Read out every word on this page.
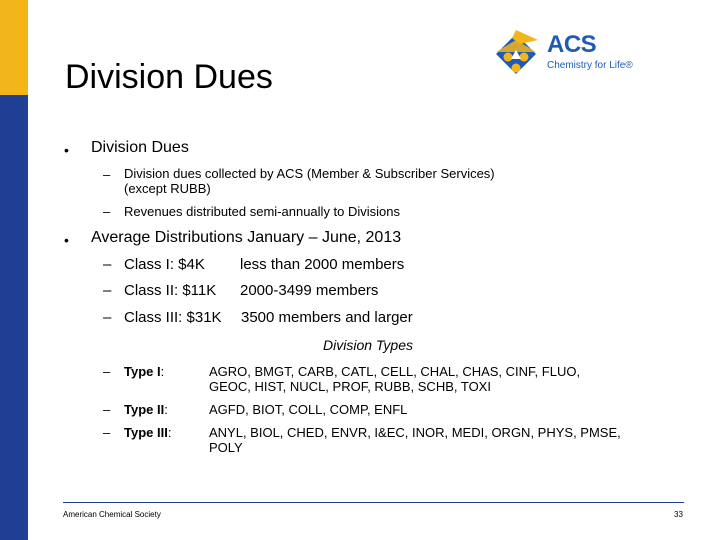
Division Dues
ACS
Chemistry for Life®
• Division Dues
– Division dues collected by ACS (Member & Subscriber Services)
(except RUBB)
– Revenues distributed semi-annually to Divisions
• Average Distributions January – June, 2013
– Class I: $4K less than 2000 members
– Class II: $11K 2000-3499 members
– Class III: $31K 3500 members and larger
Division Types
– Type I:	AGRO, BMGT, CARB, CATL, CELL, CHAL, CHAS, CINF, FLUO,
GEOC, HIST, NUCL, PROF, RUBB, SCHB, TOXI
– Type II:	AGFD, BIOT, COLL, COMP, ENFL
– Type III:	ANYL, BIOL, CHED, ENVR, I&EC, INOR, MEDI, ORGN, PHYS, PMSE,
POLY
American Chemical Society	33
